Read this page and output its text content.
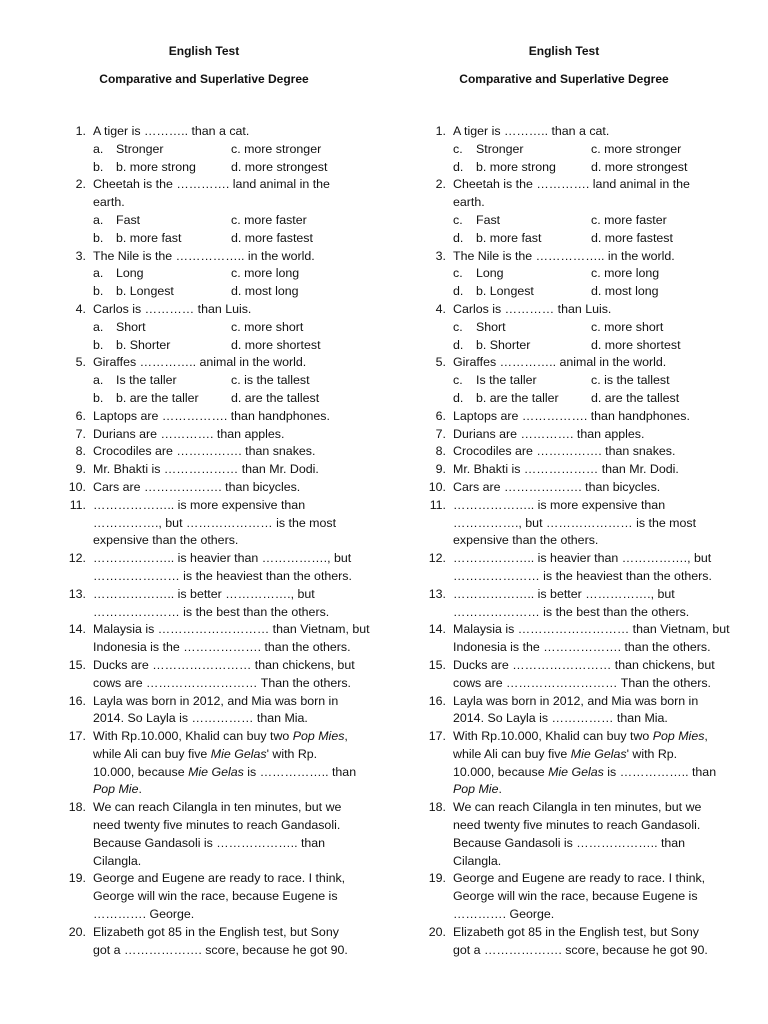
English Test
Comparative and Superlative Degree
1. A tiger is ……….. than a cat.
a. Stronger	c. more stronger
b. b. more strong	d. more strongest
2. Cheetah is the …………. land animal in the
earth.
a. Fast	c. more faster
b. b. more fast	d. more fastest
3. The Nile is the …………….. in the world.
a. Long	c. more long
b. b. Longest	d. most long
4. Carlos is ………… than Luis.
a. Short	c. more short
b. b. Shorter	d. more shortest
5. Giraffes ………….. animal in the world.
a. Is the taller	c. is the tallest
b. b. are the taller	d. are the tallest
6. Laptops are ……………. than handphones.
7. Durians are …………. than apples.
8. Crocodiles are ……………. than snakes.
9. Mr. Bhakti is ……………… than Mr. Dodi.
10. Cars are ………………. than bicycles.
11. ……………….. is more expensive than
……………., but ………………… is the most
expensive than the others.
12. ……………….. is heavier than ……………., but
………………… is the heaviest than the others.
13. ……………….. is better ……………., but
………………… is the best than the others.
14. Malaysia is ……………………… than Vietnam, but
Indonesia is the ………………. than the others.
15. Ducks are …………………… than chickens, but
cows are ……………………… Than the others.
16. Layla was born in 2012, and Mia was born in
2014. So Layla is …………… than Mia.
17. With Rp.10.000, Khalid can buy two Pop Mies,
while Ali can buy five Mie Gelas' with Rp.
10.000, because Mie Gelas is …………….. than
Pop Mie.
18. We can reach Cilangla in ten minutes, but we
need twenty five minutes to reach Gandasoli.
Because Gandasoli is ……………….. than
Cilangla.
19. George and Eugene are ready to race. I think,
George will win the race, because Eugene is
…………. George.
20. Elizabeth got 85 in the English test, but Sony
got a ………………. score, because he got 90.
English Test
Comparative and Superlative Degree
1. A tiger is ……….. than a cat.
c. Stronger	c. more stronger
d. b. more strong	d. more strongest
2. Cheetah is the …………. land animal in the
earth.
c. Fast	c. more faster
d. b. more fast	d. more fastest
3. The Nile is the …………….. in the world.
c. Long	c. more long
d. b. Longest	d. most long
4. Carlos is ………… than Luis.
c. Short	c. more short
d. b. Shorter	d. more shortest
5. Giraffes ………….. animal in the world.
c. Is the taller	c. is the tallest
d. b. are the taller	d. are the tallest
6. Laptops are ……………. than handphones.
7. Durians are …………. than apples.
8. Crocodiles are ……………. than snakes.
9. Mr. Bhakti is ……………… than Mr. Dodi.
10. Cars are ………………. than bicycles.
11. ……………….. is more expensive than
……………., but ………………… is the most
expensive than the others.
12. ……………….. is heavier than ……………., but
………………… is the heaviest than the others.
13. ……………….. is better ……………., but
………………… is the best than the others.
14. Malaysia is ……………………… than Vietnam, but
Indonesia is the ………………. than the others.
15. Ducks are …………………… than chickens, but
cows are ……………………… Than the others.
16. Layla was born in 2012, and Mia was born in
2014. So Layla is …………… than Mia.
17. With Rp.10.000, Khalid can buy two Pop Mies,
while Ali can buy five Mie Gelas' with Rp.
10.000, because Mie Gelas is …………….. than
Pop Mie.
18. We can reach Cilangla in ten minutes, but we
need twenty five minutes to reach Gandasoli.
Because Gandasoli is ……………….. than
Cilangla.
19. George and Eugene are ready to race. I think,
George will win the race, because Eugene is
…………. George.
20. Elizabeth got 85 in the English test, but Sony
got a ………………. score, because he got 90.
